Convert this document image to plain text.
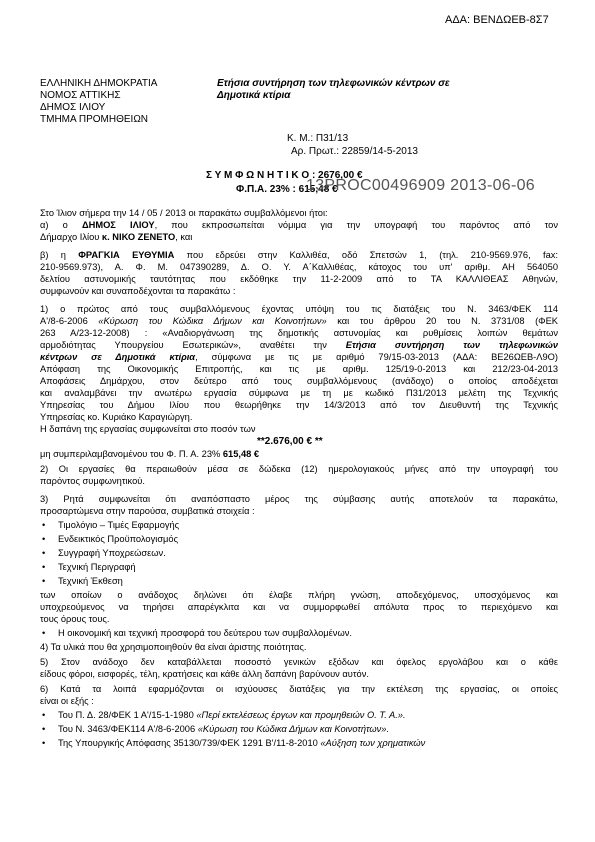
ΑΔΑ: ΒΕΝΔΩΕΒ-8Σ7
ΕΛΛΗΝΙΚΗ ΔΗΜΟΚΡΑΤΙΑ
ΝΟΜΟΣ ΑΤΤΙΚΗΣ
ΔΗΜΟΣ ΙΛΙΟΥ
ΤΜΗΜΑ ΠΡΟΜΗΘΕΙΩΝ
Ετήσια συντήρηση των τηλεφωνικών κέντρων σε
Δημοτικά κτίρια
Κ. Μ.: Π31/13
Αρ. Πρωτ.: 22859/14-5-2013
Σ Υ Μ Φ Ω Ν Η Τ Ι Κ Ο : 2676,00 €
Φ.Π.Α. 23% : 615,48 €
13PROC00496909 2013-06-06
Στο Ίλιον σήμερα την 14 / 05 / 2013 οι παρακάτω συμβαλλόμενοι ήτοι:
α) ο ΔΗΜΟΣ ΙΛΙΟΥ, που εκπροσωπείται νόμιμα για την υπογραφή του παρόντος από τον
Δήμαρχο Ιλίου κ. ΝΙΚΟ ΖΕΝΕΤΟ, και
β) η ΦΡΑΓΚΙΑ ΕΥΘΥΜΙΑ που εδρεύει στην Καλλιθέα, οδό Σπετσών 1, (τηλ. 210-9569.976, fax:
210-9569.973), Α. Φ. Μ. 047390289, Δ. Ο. Υ. Α΄Καλλιθέας, κάτοχος του υπ' αριθμ. ΑΗ 564050
δελτίου αστυνομικής ταυτότητας που εκδόθηκε την 11-2-2009 από το ΤΑ ΚΑΛΛΙΘΕΑΣ Αθηνών,
συμφωνούν και συναποδέχονται τα παρακάτω :
1) ο πρώτος από τους συμβαλλόμενους έχοντας υπόψη του τις διατάξεις του Ν. 3463/ΦΕΚ 114
Α'/8-6-2006 «Κύρωση του Κώδικα Δήμων και Κοινοτήτων» και του άρθρου 20 του Ν. 3731/08 (ΦΕΚ
263 Α/23-12-2008) : «Αναδιοργάνωση της δημοτικής αστυνομίας και ρυθμίσεις λοιπών θεμάτων
αρμοδιότητας Υπουργείου Εσωτερικών», αναθέτει την Ετήσια συντήρηση των τηλεφωνικών
κέντρων σε Δημοτικά κτίρια, σύμφωνα με τις με αριθμό 79/15-03-2013 (ΑΔΑ: ΒΕ26ΩΕΒ-Λ9Ο)
Απόφαση της Οικονομικής Επιτροπής, και τις με αριθμ. 125/19-0-2013 και 212/23-04-2013
Αποφάσεις Δημάρχου, στον δεύτερο από τους συμβαλλόμενους (ανάδοχο) ο οποίος αποδέχεται
και αναλαμβάνει την ανωτέρω εργασία σύμφωνα με τη με κωδικό Π31/2013 μελέτη της Τεχνικής
Υπηρεσίας του Δήμου Ιλίου που θεωρήθηκε την 14/3/2013 από τον Διευθυντή της Τεχνικής
Υπηρεσίας κο. Κυριάκο Καραγιώργη.
Η δαπάνη της εργασίας συμφωνείται στο ποσόν των
**2.676,00 € **
μη συμπεριλαμβανομένου του Φ. Π. Α. 23% 615,48 €
2) Οι εργασίες θα περαιωθούν μέσα σε δώδεκα (12) ημερολογιακούς μήνες από την υπογραφή του
παρόντος συμφωνητικού.
3) Ρητά συμφωνείται ότι αναπόσπαστο μέρος της σύμβασης αυτής αποτελούν τα παρακάτω,
προσαρτώμενα στην παρούσα, συμβατικά στοιχεία :
• Τιμολόγιο – Τιμές Εφαρμογής
• Ενδεικτικός Προϋπολογισμός
• Συγγραφή Υποχρεώσεων.
• Τεχνική Περιγραφή
• Τεχνική Έκθεση
των οποίων ο ανάδοχος δηλώνει ότι έλαβε πλήρη γνώση, αποδεχόμενος, υποσχόμενος και
υποχρεούμενος να τηρήσει απαρέγκλιτα και να συμμορφωθεί απόλυτα προς το περιεχόμενο και
τους όρους τους.
• Η οικονομική και τεχνική προσφορά του δεύτερου των συμβαλλομένων.
4) Τα υλικά που θα χρησιμοποιηθούν θα είναι άριστης ποιότητας.
5) Στον ανάδοχο δεν καταβάλλεται ποσοστό γενικών εξόδων και όφελος εργολάβου και ο κάθε
είδους φόροι, εισφορές, τέλη, κρατήσεις και κάθε άλλη δαπάνη βαρύνουν αυτόν.
6) Κατά τα λοιπά εφαρμόζονται οι ισχύουσες διατάξεις για την εκτέλεση της εργασίας, οι οποίες
είναι οι εξής :
• Του Π. Δ. 28/ΦΕΚ 1 Α'/15-1-1980 «Περί εκτελέσεως έργων και προμηθειών Ο. Τ. Α.».
• Του Ν. 3463/ΦΕΚ114 Α'/8-6-2006 «Κύρωση του Κώδικα Δήμων και Κοινοτήτων».
• Της Υπουργικής Απόφασης 35130/739/ΦΕΚ 1291 Β'/11-8-2010 «Αύξηση των χρηματικών
